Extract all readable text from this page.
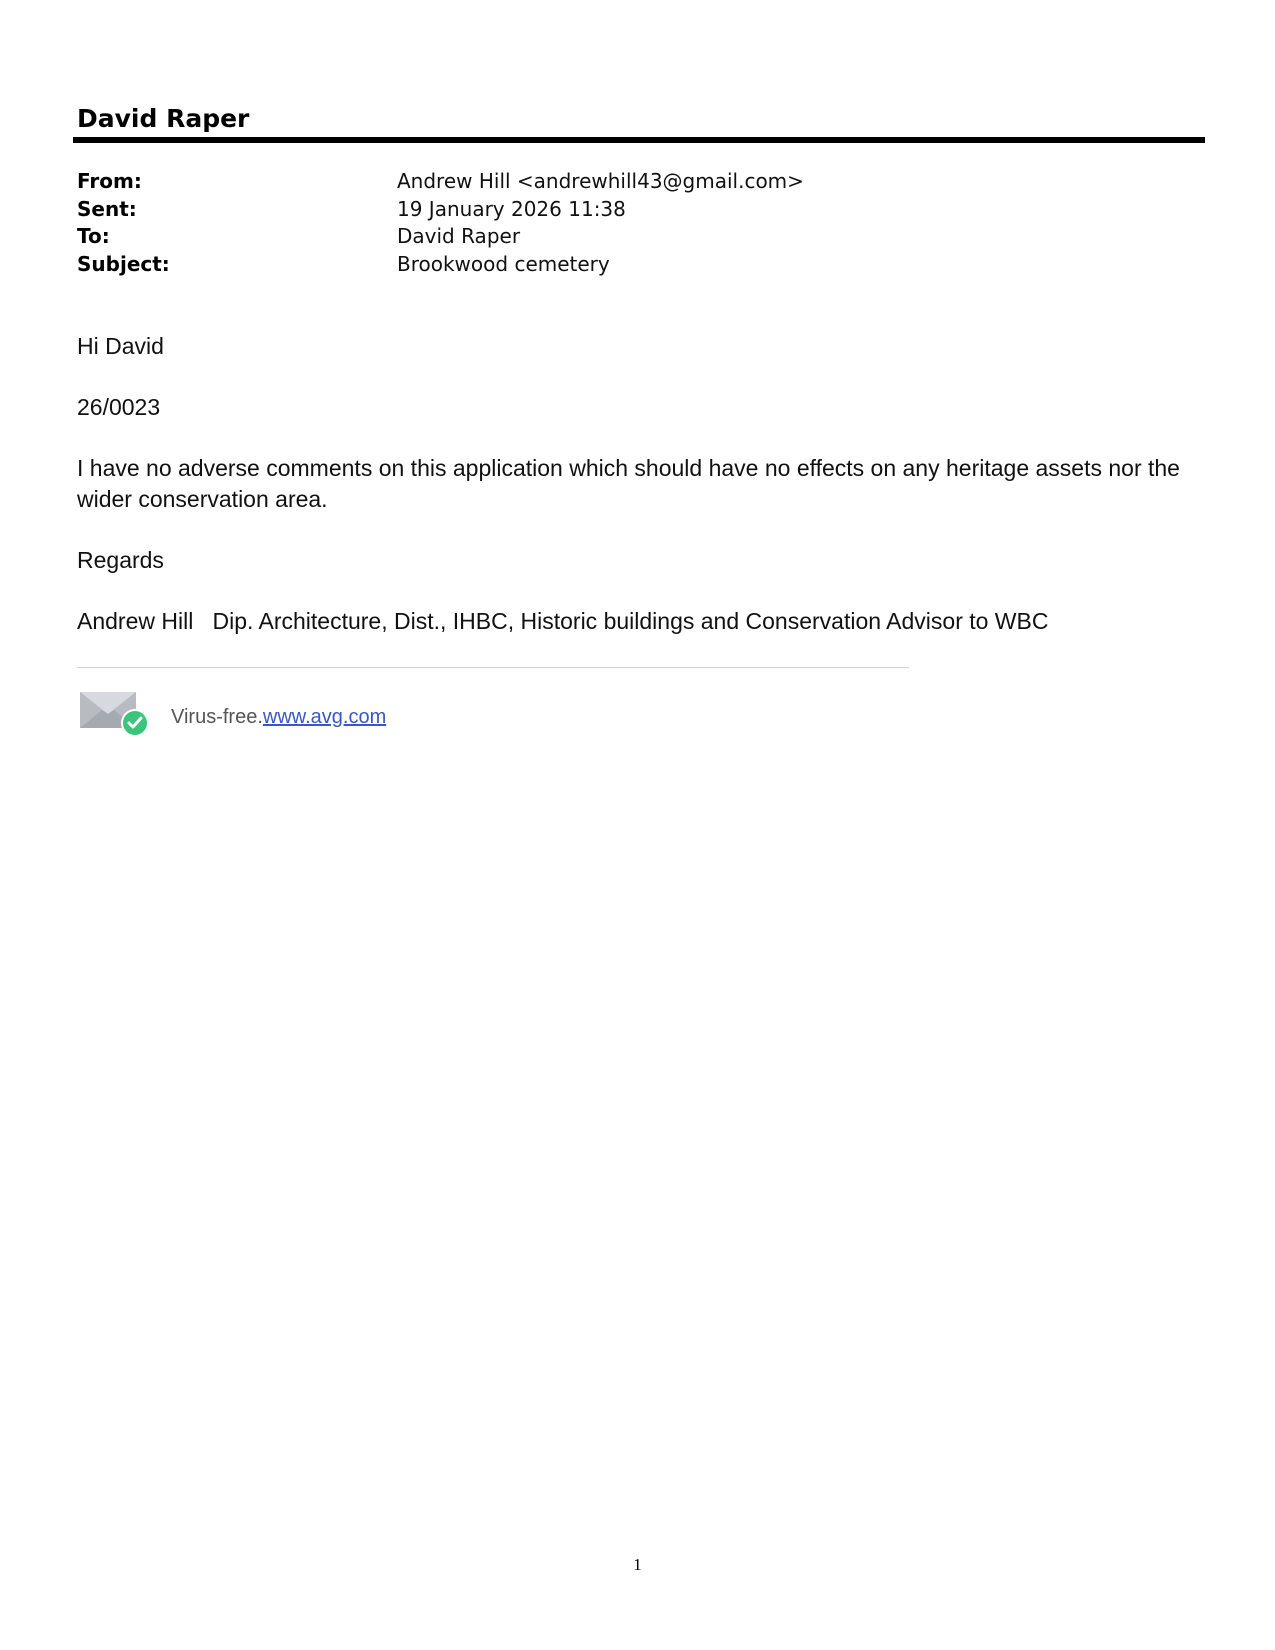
David Raper
From:	Andrew Hill <andrewhill43@gmail.com>
Sent:	19 January 2026 11:38
To:	David Raper
Subject:	Brookwood cemetery

Hi David

26/0023

I have no adverse comments on this application which should have no effects on any heritage assets nor the wider conservation area.

Regards

Andrew Hill   Dip. Architecture, Dist., IHBC, Historic buildings and Conservation Advisor to WBC

Virus-free.www.avg.com
1
